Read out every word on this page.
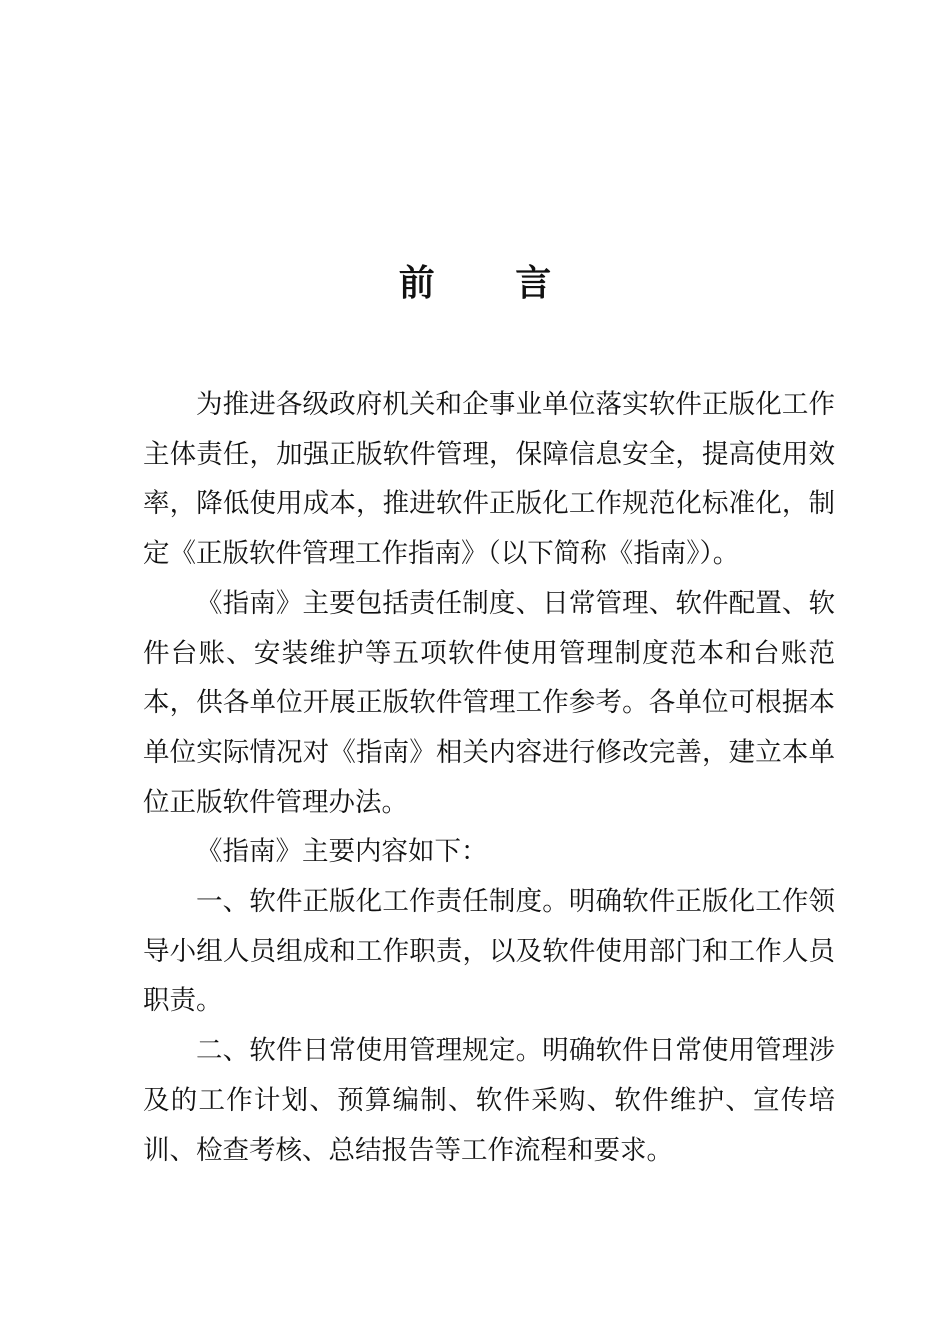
前 言

为推进各级政府机关和企事业单位落实软件正版化工作主体责任，加强正版软件管理，保障信息安全，提高使用效率，降低使用成本，推进软件正版化工作规范化标准化，制定《正版软件管理工作指南》（以下简称《指南》）。

《指南》主要包括责任制度、日常管理、软件配置、软件台账、安装维护等五项软件使用管理制度范本和台账范本，供各单位开展正版软件管理工作参考。各单位可根据本单位实际情况对《指南》相关内容进行修改完善，建立本单位正版软件管理办法。

《指南》主要内容如下：

一、软件正版化工作责任制度。明确软件正版化工作领导小组人员组成和工作职责，以及软件使用部门和工作人员职责。

二、软件日常使用管理规定。明确软件日常使用管理涉及的工作计划、预算编制、软件采购、软件维护、宣传培训、检查考核、总结报告等工作流程和要求。
